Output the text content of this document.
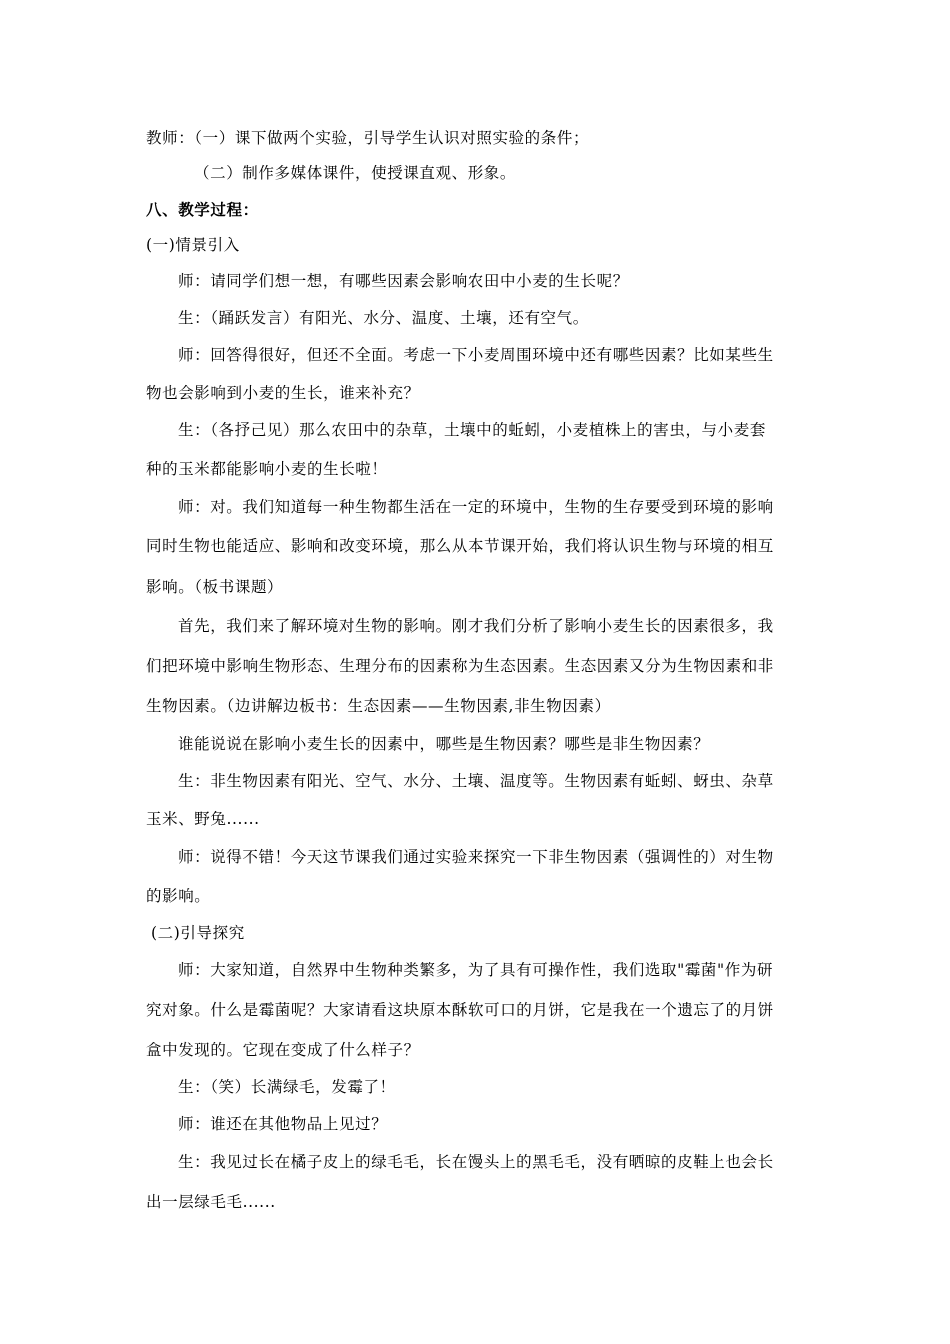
教师：（一）课下做两个实验，引导学生认识对照实验的条件；
（二）制作多媒体课件，使授课直观、形象。
八、教学过程：
(一)情景引入
师：请同学们想一想，有哪些因素会影响农田中小麦的生长呢？
生：（踊跃发言）有阳光、水分、温度、土壤，还有空气。
师：回答得很好，但还不全面。考虑一下小麦周围环境中还有哪些因素？比如某些生
物也会影响到小麦的生长，谁来补充？
生：（各抒己见）那么农田中的杂草，土壤中的蚯蚓，小麦植株上的害虫，与小麦套
种的玉米都能影响小麦的生长啦！
师：对。我们知道每一种生物都生活在一定的环境中，生物的生存要受到环境的影响
同时生物也能适应、影响和改变环境，那么从本节课开始，我们将认识生物与环境的相互
影响。（板书课题）
首先，我们来了解环境对生物的影响。刚才我们分析了影响小麦生长的因素很多，我
们把环境中影响生物形态、生理分布的因素称为生态因素。生态因素又分为生物因素和非
生物因素。（边讲解边板书：生态因素——生物因素,非生物因素）
谁能说说在影响小麦生长的因素中，哪些是生物因素？哪些是非生物因素？
生：非生物因素有阳光、空气、水分、土壤、温度等。生物因素有蚯蚓、蚜虫、杂草
玉米、野兔......
师：说得不错！今天这节课我们通过实验来探究一下非生物因素（强调性的）对生物
的影响。
(二)引导探究
师：大家知道，自然界中生物种类繁多，为了具有可操作性，我们选取"霉菌"作为研
究对象。什么是霉菌呢？大家请看这块原本酥软可口的月饼，它是我在一个遗忘了的月饼
盒中发现的。它现在变成了什么样子？
生：（笑）长满绿毛，发霉了！
师：谁还在其他物品上见过？
生：我见过长在橘子皮上的绿毛毛，长在馒头上的黑毛毛，没有晒晾的皮鞋上也会长
出一层绿毛毛......
